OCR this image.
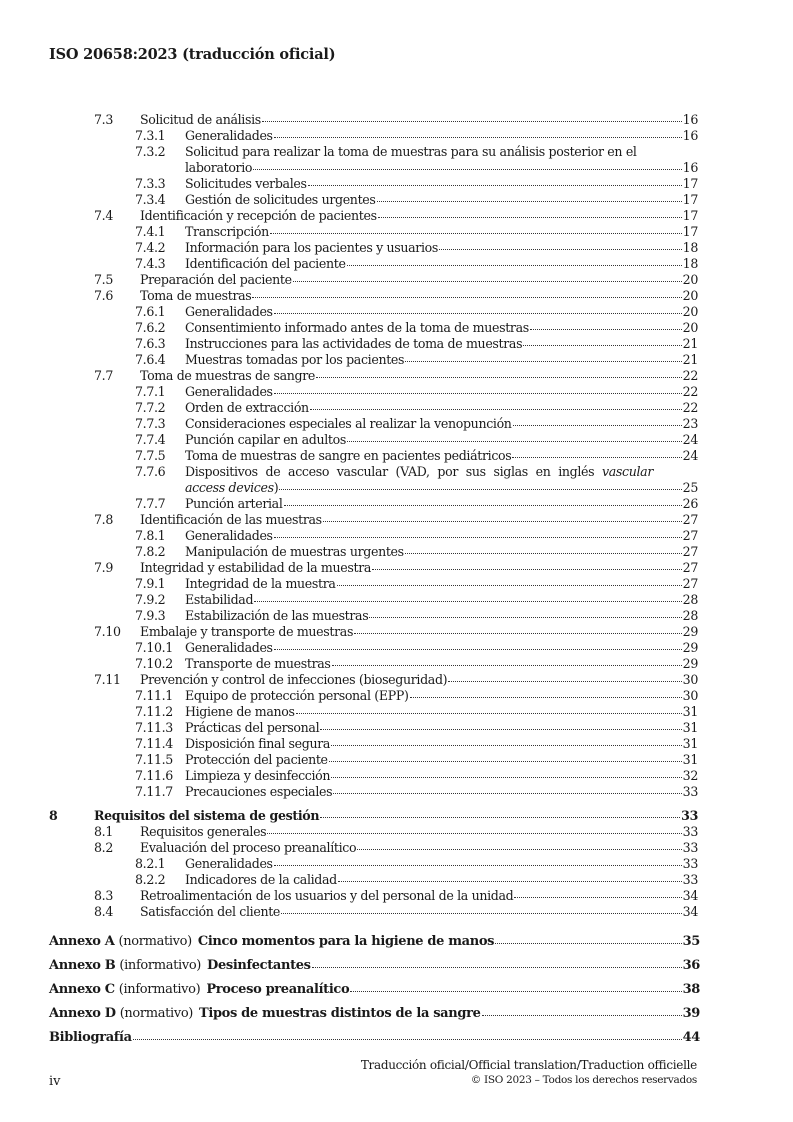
ISO 20658:2023 (traducción oficial)
7.3 Solicitud de análisis	16
7.3.1 Generalidades	16
7.3.2 Solicitud para realizar la toma de muestras para su análisis posterior en el
laboratorio	16
7.3.3 Solicitudes verbales	17
7.3.4 Gestión de solicitudes urgentes	17
7.4 Identificación y recepción de pacientes	17
7.4.1 Transcripción	17
7.4.2 Información para los pacientes y usuarios	18
7.4.3 Identificación del paciente	18
7.5 Preparación del paciente	20
7.6 Toma de muestras	20
7.6.1 Generalidades	20
7.6.2 Consentimiento informado antes de la toma de muestras	20
7.6.3 Instrucciones para las actividades de toma de muestras	21
7.6.4 Muestras tomadas por los pacientes	21
7.7 Toma de muestras de sangre	22
7.7.1 Generalidades	22
7.7.2 Orden de extracción	22
7.7.3 Consideraciones especiales al realizar la venopunción	23
7.7.4 Punción capilar en adultos	24
7.7.5 Toma de muestras de sangre en pacientes pediátricos	24
7.7.6 Dispositivos de acceso vascular (VAD, por sus siglas en inglés vascular
access devices)	25
7.7.7 Punción arterial	26
7.8 Identificación de las muestras	27
7.8.1 Generalidades	27
7.8.2 Manipulación de muestras urgentes	27
7.9 Integridad y estabilidad de la muestra	27
7.9.1 Integridad de la muestra	27
7.9.2 Estabilidad	28
7.9.3 Estabilización de las muestras	28
7.10 Embalaje y transporte de muestras	29
7.10.1 Generalidades	29
7.10.2 Transporte de muestras	29
7.11 Prevención y control de infecciones (bioseguridad)	30
7.11.1 Equipo de protección personal (EPP)	30
7.11.2 Higiene de manos	31
7.11.3 Prácticas del personal	31
7.11.4 Disposición final segura	31
7.11.5 Protección del paciente	31
7.11.6 Limpieza y desinfección	32
7.11.7 Precauciones especiales	33
8	Requisitos del sistema de gestión	33
8.1 Requisitos generales	33
8.2 Evaluación del proceso preanalítico	33
8.2.1 Generalidades	33
8.2.2 Indicadores de la calidad	33
8.3 Retroalimentación de los usuarios y del personal de la unidad	34
8.4 Satisfacción del cliente	34
Annexo A (normativo) Cinco momentos para la higiene de manos	35
Annexo B (informativo) Desinfectantes	36
Annexo C (informativo) Proceso preanalítico	38
Annexo D (normativo) Tipos de muestras distintos de la sangre	39
Bibliografía	44
Traducción oficial/Official translation/Traduction officielle
© ISO 2023 – Todos los derechos reservados
iv
